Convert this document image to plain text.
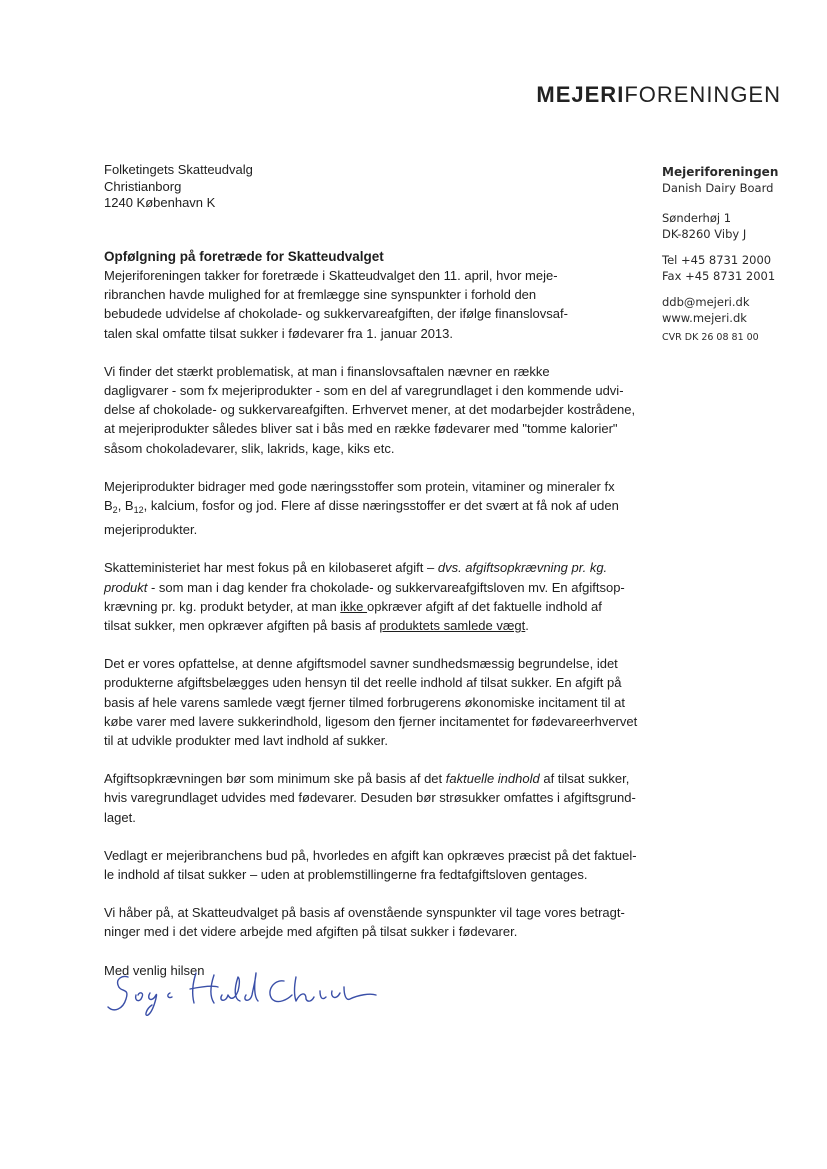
MEJERIFORENINGEN
Folketingets Skatteudvalg
Christianborg
1240 København K
Mejeriforeningen
Danish Dairy Board
Sønderhøj 1
DK-8260 Viby J
Tel +45 8731 2000
Fax +45 8731 2001
ddb@mejeri.dk
www.mejeri.dk
CVR DK 26 08 81 00
Opfølgning på foretræde for Skatteudvalget

Mejeriforeningen takker for foretræde i Skatteudvalget den 11. april, hvor meje-
ribranchen havde mulighed for at fremlægge sine synspunkter i forhold den
bebudede udvidelse af chokolade- og sukkervareafgiften, der ifølge finanslovsaf-
talen skal omfatte tilsat sukker i fødevarer fra 1. januar 2013.

Vi finder det stærkt problematisk, at man i finanslovsaftalen nævner en række
dagligvarer - som fx mejeriprodukter - som en del af varegrundlaget i den kommende udvi-
delse af chokolade- og sukkervareafgiften. Erhvervet mener, at det modarbejder kostrådene,
at mejeriprodukter således bliver sat i bås med en række fødevarer med "tomme kalorier"
såsom chokoladevarer, slik, lakrids, kage, kiks etc.

Mejeriprodukter bidrager med gode næringsstoffer som protein, vitaminer og mineraler fx
$B_2$, $B_{12}$, kalcium, fosfor og jod. Flere af disse næringsstoffer er det svært at få nok af uden
mejeriprodukter.

Skatteministeriet har mest fokus på en kilobaseret afgift – dvs. afgiftsopkrævning pr. kg.
produkt - som man i dag kender fra chokolade- og sukkervareafgiftsloven mv. En afgiftsop-
krævning pr. kg. produkt betyder, at man ikke opkræver afgift af det faktuelle indhold af
tilsat sukker, men opkræver afgiften på basis af produktets samlede vægt.

Det er vores opfattelse, at denne afgiftsmodel savner sundhedsmæssig begrundelse, idet
produkterne afgiftsbelægges uden hensyn til det reelle indhold af tilsat sukker. En afgift på
basis af hele varens samlede vægt fjerner tilmed forbrugerens økonomiske incitament til at
købe varer med lavere sukkerindhold, ligesom den fjerner incitamentet for fødevareerhvervet
til at udvikle produkter med lavt indhold af sukker.

Afgiftsopkrævningen bør som minimum ske på basis af det faktuelle indhold af tilsat sukker,
hvis varegrundlaget udvides med fødevarer. Desuden bør strøsukker omfattes i afgiftsgrund-
laget.

Vedlagt er mejeribranchens bud på, hvorledes en afgift kan opkræves præcist på det faktuel-
le indhold af tilsat sukker – uden at problemstillingerne fra fedtafgiftsloven gentages.

Vi håber på, at Skatteudvalget på basis af ovenstående synspunkter vil tage vores betragt-
ninger med i det videre arbejde med afgiften på tilsat sukker i fødevarer.

Med venlig hilsen
